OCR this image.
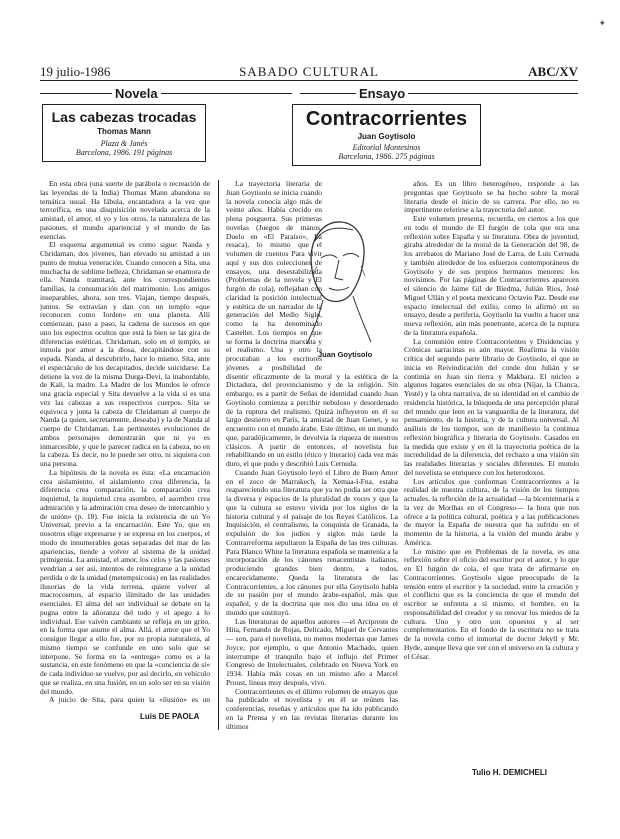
19 julio-1986	SABADO CULTURAL	ABC/XV
Novela	Ensayo
Las cabezas trocadas
Thomas Mann
Plaza & Janés
Barcelona, 1986. 191 páginas
Contracorrientes
Juan Goytisolo
Editorial Montesinos
Barcelona, 1986. 275 páginas

En esta obra (una suerte de parábola o recreación de las leyendas de la India) Thomas Mann abandona su temática usual. Ha fábula, encantadora a la vez que terrorífica, es una disquisición novelada acerca de la amistad, el amor, el yo y los otros, la naturaleza de las pasiones, el mundo apariencial y el mundo de las esencias.

El esquema argumental es como sigue: Nanda y Chridaman, dos jóvenes, han elevado su amistad a un punto de mutua veneración. Cuando conocen a Sita, una muchacha de sublime belleza, Chridaman se enamora de ella. Nanda tramitará, ante los correspondientes familias, la consumación del matrimonio. Los amigos inseparables, ahora, son tres. Viajan, tiempo después, juntos. Se extravían y dan con un templo «que reconocen como Iorden» en una planeta. Allí comienzan, paso a paso, la cadena de sucesos en que uno los espectros ocultos que está la bien se las gira de diferencias estéticas. Chridaman, solo en el templo, se inmola por amor a la diosa, decapitándose con su espada. Nanda, al descubrirlo, hace lo mismo. Sita, ante el espectáculo de los decapitados, decide suicidarse. La detiene la voz de la misma Durga-Devi, la inabordable, de Kali, la madre. La Madre de los Mundos le ofrece una gracia especial y Sita devuelve a la vida si es una vez las cabezas a sus respectivos cuerpos. Sita se equivoca y junta la cabeza de Chridaman al cuerpo de Nanda (a quien, secretamente, deseaba) y la de Nanda al cuerpo de Chridaman. Las pertinentes evoluciones de ambos personajes demostrarán que ni yo es inmarcesible, y que le parecer radica en la cabeza, no en la cabeza. Es decir, no le puede ser otro, ni siquiera con una persona.

La hipótesis de la novela es ésta: «La encarnación crea aislamiento, el aislamiento crea diferencia, la diferencia crea comparación, la comparación crea inquietud, la inquietud crea asombro, el asombro crea admiración y la admiración crea deseo de intercambio y de unión» (p. 18). Fue inicia la existencia de un Yo Universal, previo a la encarnación. Este Yo, que en nosotros elige expresarse y se expresa en los cuerpos, el modo de innumerables gotas separadas del mar de las apariencias, tiende a volver al sistema de la unidad primigenia. La amistad, el amor, los celos y las pasiones vendrían a ser así, intentos de reintegrarse a la unidad perdida o de la unidad (metempsicosis) en las realidades ilusorias de la vida terrena, quiere volver al macrocosmos, al espacio ilimitado de las unidades esenciales. El alma del ser individual se debate en la pugna entre la añoranza del todo y el apego a lo individual. Ese vaivén cambiante se refleja en un grito, en la forma que asume el alma. Allá, el amor que el Yo consigue llegar a ello fue, por su propia naturaleza, al mismo tiempo se confunde en uno solo que se interpone. Se forma en la «entrega» como es a la sustancia, en este fenómeno en que la «conciencia de sí» de cada individuo se vuelve, por así decirlo, en vehículo que se realiza, en una fusión, en un solo ser en su visión del mundo.

A juicio de Sita, para quien la «ilusión» es un

Luis DE PAOLA
Juan Goytisolo

La trayectoria literaria de Juan Goytisolo se inicia cuando la novela conocía algo más de veinte años. Había crecido en plena posguerra. Sus primeras novelas (Juegos de manos, Duelo en «El Paraíso», La resaca), lo mismo que el volumen de cuentos Para vivir aquí y sus dos colecciones de ensayos, una desestabilizada (Problemas de la novela y El furgón de cola), reflejaban con claridad la posición intelectual y estética de un narrador de la generación del Medio Siglo, como la ha denominado Castellet. Los tiempos en que se forma la doctrina marxista y el realismo. Una y otro la procuraban a los escritores jóvenes a posibilidad de disentir eficazmente de la moral y la estética de la Dictadura, del provincianismo y de la religión. Sin embargo, es a partir de Señas de identidad cuando Juan Goytisolo comienza a percibir nebuloso y desordenado de la ruptura del realismo. Quizá influyeron en él su largo destierro en París, la amistad de Juan Genet, y su encuentro con el mundo árabe. Este último, en un mundo que, paradójicamente, le devolvía la riqueza de nuestros clásicos. A partir de entonces, el novelista fue rehabilitando en un estilo (ético y literario) cada vez más duro, el que pudo y describió Luis Cernuda.

Cuando Juan Goytisolo leyó el Libro de Buen Amor en el zoco de Marrakech, la Xemaa-l-Fna, estaba reapareciendo una literatura que ya no podía ser otra que la diversa y espacios de la pluralidad de voces y que la que la cultura se estuvo vivida por los siglos de la historia cultural y el paisaje de los Reyes Católicos. La Inquisición, el centralismo, la conquista de Granada, la expulsión de los judíos y siglos más tarde la Contrarreforma sepultaron la España de las tres culturas. Para Blanco White la literatura española se mantenía a la incorporación de los cánones renacentistas italianos, produciendo grandes bien dentro, a todos, encarecidamente. Queda la literatura de las Contracorrientes, a los cánones por ella Goytisolo habla de su pasión por el mundo árabe-español, más que español, y de la doctrina que nos dio una idea en el mundo que sustituyó.

Las literaturas de aquellos autores —el Arcipreste de Hita, Fernando de Rojas, Delicado, Miguel de Cervantes— son, para el novelista, no menos modernas que James Joyce, por ejemplo, o que Antonio Machado, quien interrumpe el tranquilo bajo el influjo del Primer Congreso de Intelectuales, celebrado en Nueva York en 1934. Había más cosas en un mismo año a Marcel Proust, lineas muy después, vivo.

Contracorrientes es el último volumen de ensayos que ha publicado el novelista y en él se reúnen las conferencias, reseñas y artículos que ha ido publicando en la Prensa y en las revistas literarias durante los últimos

años. Es un libro heterogéneo, responde a las preguntas que Goytisolo se ha hecho sobre la moral literaria desde el inicio de su carrera. Por ello, no es impertinente referirse a la trayectoria del autor.

Este volumen presenta, recuerda, en ciertos a los que en todo el mundo de El furgón de cola que era una reflexión sobre España y su literatura. Obra de juventud, giraba alrededor de la moral de la Generación del 98, de los arrebatos de Mariano José de Larra, de Luis Cernuda y también alrededor de los esfuerzos contemporáneos de Goytisolo y de sus propios hermanos menores: los novísimos. Por las páginas de Contracorrientes aparecen el silencio de Jaime Gil de Biedma, Julián Ríos, José Miguel Ullán y el poeta mexicano Octavio Paz. Desde ese espacio intelectual del exilio, como lo afirmó en su ensayo, desde a periferia, Goytisolo ha vuelto a hacer una nueva reflexión, aún más penetrante, acerca de la ruptura de la literatura española.

La comunión entre Contracorrientes y Disidencias y Crónicas sarracinas es aún mayor. Reafirma la visión crítica del segundo parte librario de Goytisolo, el que se inicia en Reivindicación del conde don Julián y se continúa en Juan sin tierra y Makbara. El núcleo a algunos lugares esenciales de su obra (Níjar, la Chanca, Yesté) y la obra narrativa, de su identidad en el cambio de residencia histórica, la búsqueda de una percepción plural del mundo que leen en la vanguardia de la literatura, del pensamiento, de la historia, y de la cultura universal. Al análisis de los tiempos, son de manifiesto la continua reflexión biográfica y literaria de Goytisolo. Casados en la medida que existe y en él la trayectoria poética de la incredulidad de la diferencia, del rechazo a una visión sin las realidades literarias y sociales diferentes. El mundo del novelista se enriquece con los heterodoxos.

Los artículos que conforman Contracorrientes a la realidad de nuestra cultura, de la visión de los tiempos actuales, la reflexión de la actualidad —la bicentennaria a la vez de Morihas en el Congreso— la hora que nos ofrece a la política cultural, poética y a las publicaciones de mayor la España de nuestra que ha sufrido en el momento de la historia, a la visión del mundo árabe y América.

Lo mismo que en Problemas de la novela, es una reflexión sobre el oficio del escritor por el autor, y lo que en El furgón de cola, el que trata de afirmarse en Contracorrientes. Goytisolo sigue preocupado de la tensión entre el escritor y la sociedad, entre la creación y el conflicto que es la conciencia de que el mundo del escritor se enfrenta a sí mismo, el hombre, en la responsabilidad del creador y su renovar los miedos de la cultura. Uno y otro son opuestos y al ser complementarios. En el fondo de la escritura no se trata de la novela como el inmortal de doctor Jekyll y Mr. Hyde, aunque lleva que ver con el universo en la cultura y el César.

Tulio H. DEMICHELI
✦
